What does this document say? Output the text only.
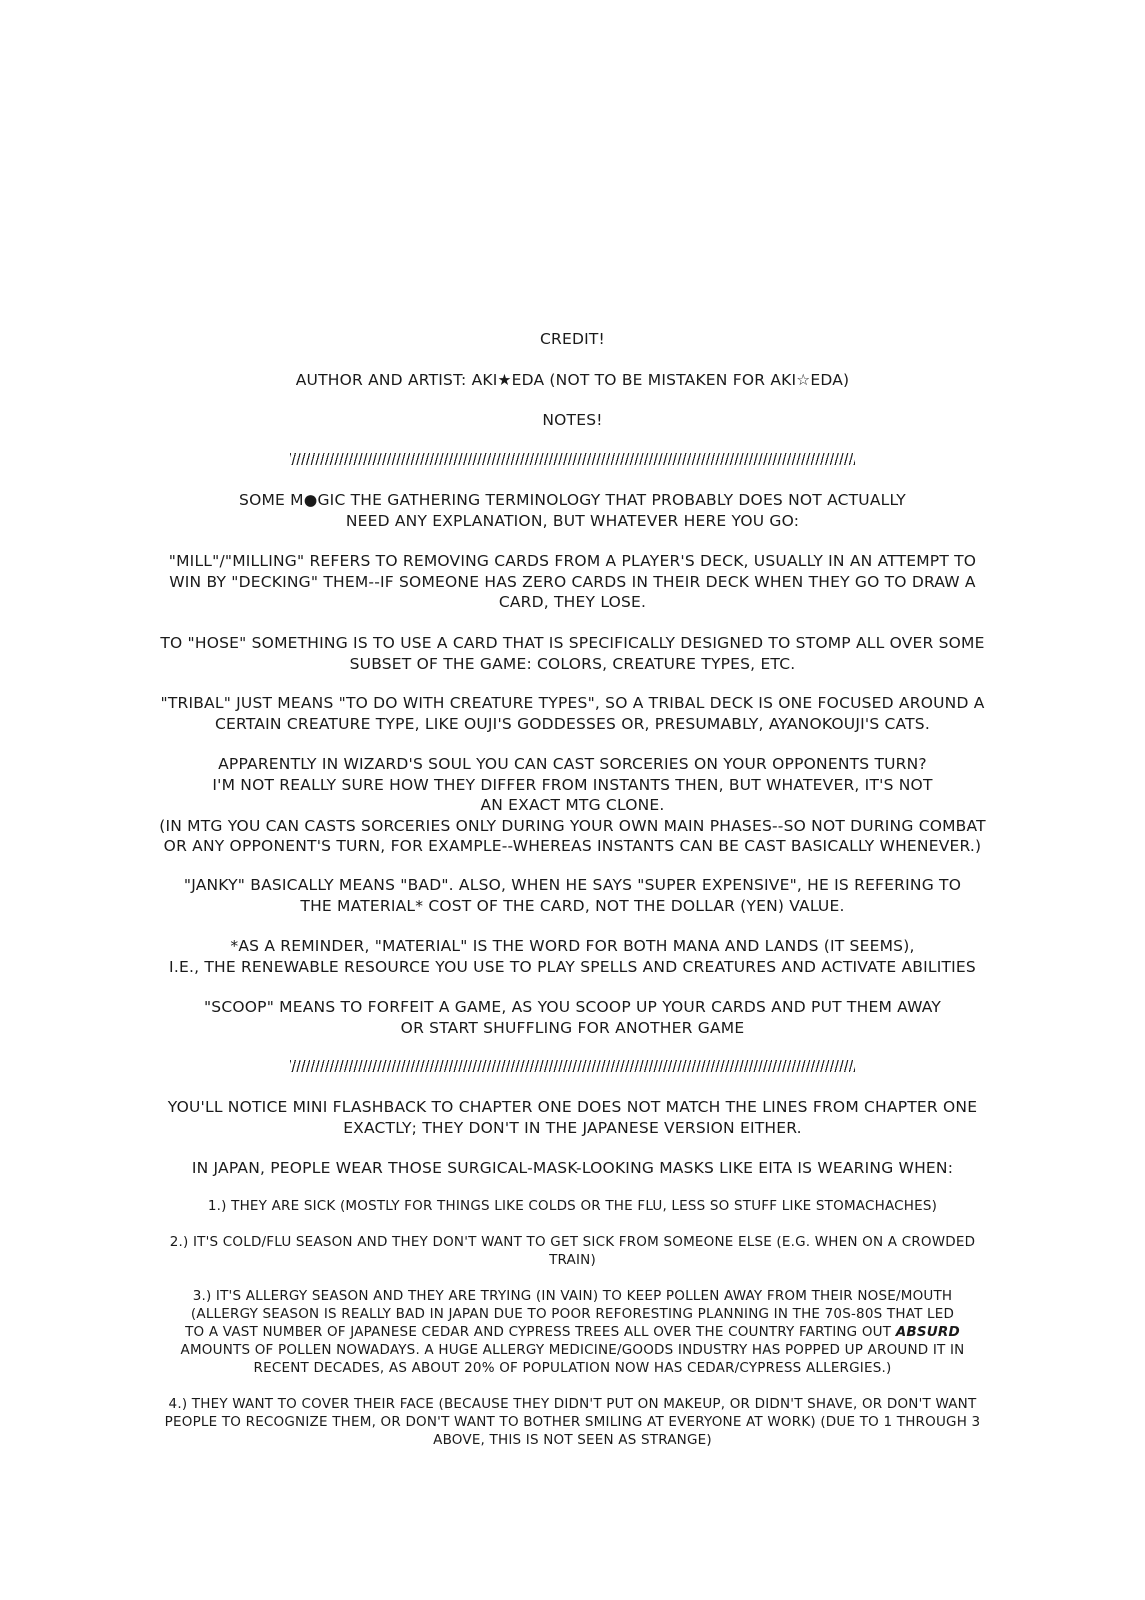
CREDIT!

AUTHOR AND ARTIST: AKI★EDA (NOT TO BE MISTAKEN FOR AKI☆EDA)

NOTES!

SOME M●GIC THE GATHERING TERMINOLOGY THAT PROBABLY DOES NOT ACTUALLY
NEED ANY EXPLANATION, BUT WHATEVER HERE YOU GO:

"MILL"/"MILLING" REFERS TO REMOVING CARDS FROM A PLAYER'S DECK, USUALLY IN AN ATTEMPT TO
WIN BY "DECKING" THEM--IF SOMEONE HAS ZERO CARDS IN THEIR DECK WHEN THEY GO TO DRAW A
CARD, THEY LOSE.

TO "HOSE" SOMETHING IS TO USE A CARD THAT IS SPECIFICALLY DESIGNED TO STOMP ALL OVER SOME
SUBSET OF THE GAME: COLORS, CREATURE TYPES, ETC.

"TRIBAL" JUST MEANS "TO DO WITH CREATURE TYPES", SO A TRIBAL DECK IS ONE FOCUSED AROUND A
CERTAIN CREATURE TYPE, LIKE OUJI'S GODDESSES OR, PRESUMABLY, AYANOKOUJI'S CATS.

APPARENTLY IN WIZARD'S SOUL YOU CAN CAST SORCERIES ON YOUR OPPONENTS TURN?
I'M NOT REALLY SURE HOW THEY DIFFER FROM INSTANTS THEN, BUT WHATEVER, IT'S NOT
AN EXACT MTG CLONE.
(IN MTG YOU CAN CASTS SORCERIES ONLY DURING YOUR OWN MAIN PHASES--SO NOT DURING COMBAT
OR ANY OPPONENT'S TURN, FOR EXAMPLE--WHEREAS INSTANTS CAN BE CAST BASICALLY WHENEVER.)

"JANKY" BASICALLY MEANS "BAD". ALSO, WHEN HE SAYS "SUPER EXPENSIVE", HE IS REFERING TO
THE MATERIAL* COST OF THE CARD, NOT THE DOLLAR (YEN) VALUE.

*AS A REMINDER, "MATERIAL" IS THE WORD FOR BOTH MANA AND LANDS (IT SEEMS),
I.E., THE RENEWABLE RESOURCE YOU USE TO PLAY SPELLS AND CREATURES AND ACTIVATE ABILITIES

"SCOOP" MEANS TO FORFEIT A GAME, AS YOU SCOOP UP YOUR CARDS AND PUT THEM AWAY
OR START SHUFFLING FOR ANOTHER GAME

YOU'LL NOTICE MINI FLASHBACK TO CHAPTER ONE DOES NOT MATCH THE LINES FROM CHAPTER ONE
EXACTLY; THEY DON'T IN THE JAPANESE VERSION EITHER.

IN JAPAN, PEOPLE WEAR THOSE SURGICAL-MASK-LOOKING MASKS LIKE EITA IS WEARING WHEN:

1.) THEY ARE SICK (MOSTLY FOR THINGS LIKE COLDS OR THE FLU, LESS SO STUFF LIKE STOMACHACHES)

2.) IT'S COLD/FLU SEASON AND THEY DON'T WANT TO GET SICK FROM SOMEONE ELSE (E.G. WHEN ON A CROWDED
TRAIN)

3.) IT'S ALLERGY SEASON AND THEY ARE TRYING (IN VAIN) TO KEEP POLLEN AWAY FROM THEIR NOSE/MOUTH
(ALLERGY SEASON IS REALLY BAD IN JAPAN DUE TO POOR REFORESTING PLANNING IN THE 70S-80S THAT LED
TO A VAST NUMBER OF JAPANESE CEDAR AND CYPRESS TREES ALL OVER THE COUNTRY FARTING OUT ABSURD
AMOUNTS OF POLLEN NOWADAYS. A HUGE ALLERGY MEDICINE/GOODS INDUSTRY HAS POPPED UP AROUND IT IN
RECENT DECADES, AS ABOUT 20% OF POPULATION NOW HAS CEDAR/CYPRESS ALLERGIES.)

4.) THEY WANT TO COVER THEIR FACE (BECAUSE THEY DIDN'T PUT ON MAKEUP, OR DIDN'T SHAVE, OR DON'T WANT
PEOPLE TO RECOGNIZE THEM, OR DON'T WANT TO BOTHER SMILING AT EVERYONE AT WORK) (DUE TO 1 THROUGH 3
ABOVE, THIS IS NOT SEEN AS STRANGE)
